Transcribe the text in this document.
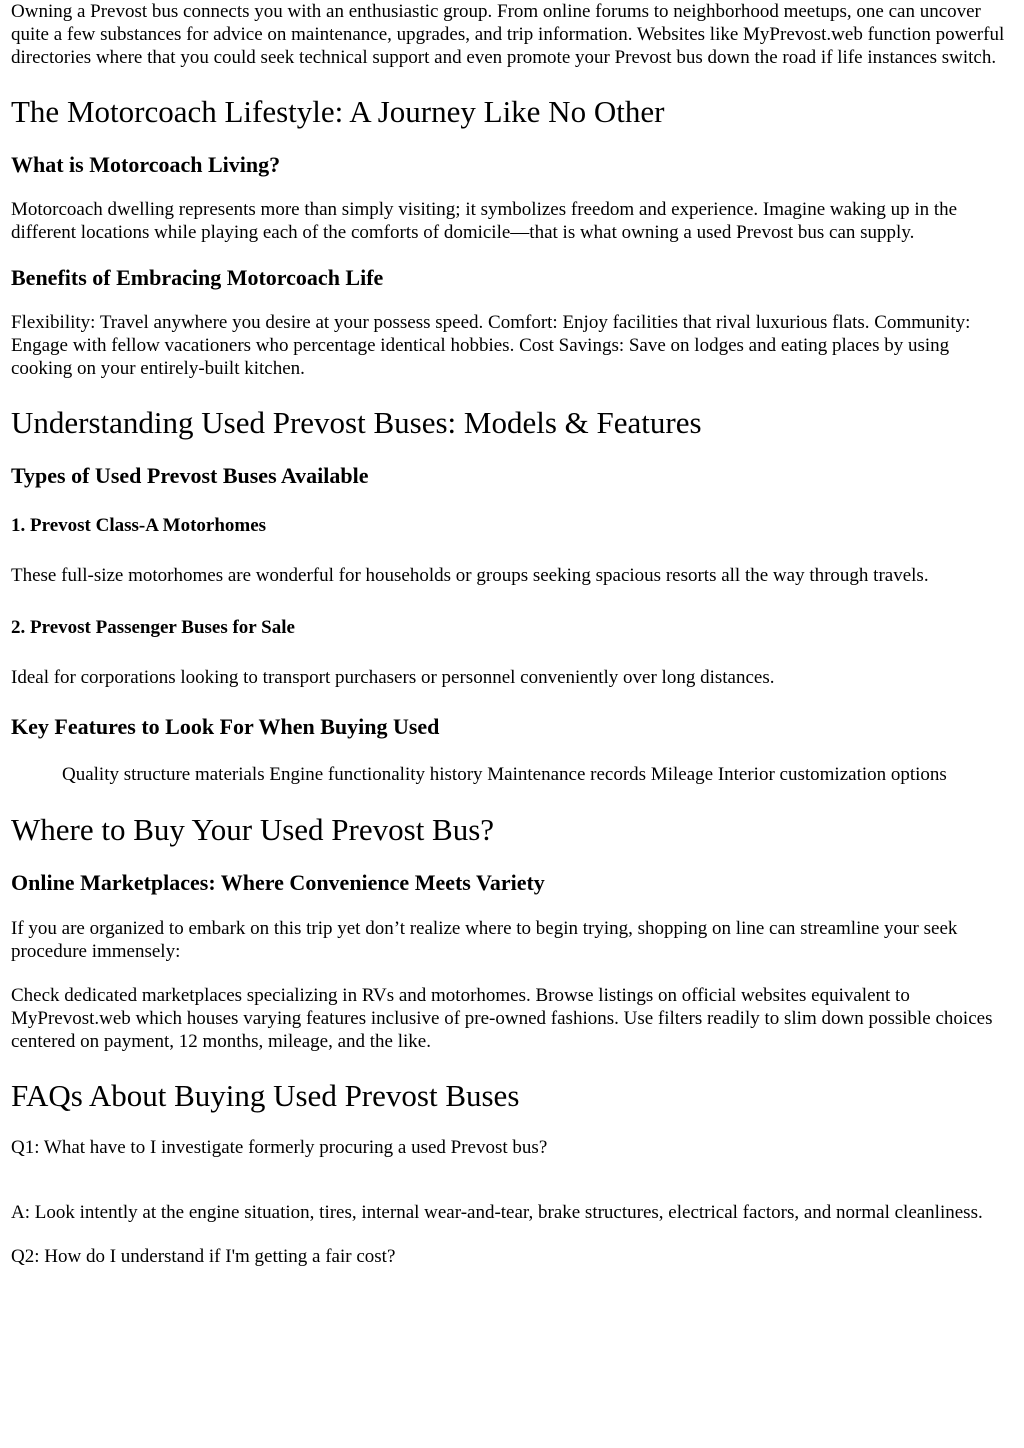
Owning a Prevost bus connects you with an enthusiastic group. From online forums to neighborhood meetups, one can uncover quite a few substances for advice on maintenance, upgrades, and trip information. Websites like MyPrevost.web function powerful directories where that you could seek technical support and even promote your Prevost bus down the road if life instances switch.

The Motorcoach Lifestyle: A Journey Like No Other
What is Motorcoach Living?

Motorcoach dwelling represents more than simply visiting; it symbolizes freedom and experience. Imagine waking up in the different locations while playing each of the comforts of domicile—that is what owning a used Prevost bus can supply.

Benefits of Embracing Motorcoach Life

Flexibility: Travel anywhere you desire at your possess speed. Comfort: Enjoy facilities that rival luxurious flats. Community: Engage with fellow vacationers who percentage identical hobbies. Cost Savings: Save on lodges and eating places by using cooking on your entirely-built kitchen.

Understanding Used Prevost Buses: Models & Features
Types of Used Prevost Buses Available
1. Prevost Class-A Motorhomes

These full-size motorhomes are wonderful for households or groups seeking spacious resorts all the way through travels.

2. Prevost Passenger Buses for Sale

Ideal for corporations looking to transport purchasers or personnel conveniently over long distances.

Key Features to Look For When Buying Used

Quality structure materials Engine functionality history Maintenance records Mileage Interior customization options

Where to Buy Your Used Prevost Bus?
Online Marketplaces: Where Convenience Meets Variety

If you are organized to embark on this trip yet don’t realize where to begin trying, shopping on line can streamline your seek procedure immensely:

Check dedicated marketplaces specializing in RVs and motorhomes. Browse listings on official websites equivalent to MyPrevost.web which houses varying features inclusive of pre-owned fashions. Use filters readily to slim down possible choices centered on payment, 12 months, mileage, and the like.

FAQs About Buying Used Prevost Buses

Q1: What have to I investigate formerly procuring a used Prevost bus?

A: Look intently at the engine situation, tires, internal wear-and-tear, brake structures, electrical factors, and normal cleanliness.

Q2: How do I understand if I'm getting a fair cost?
